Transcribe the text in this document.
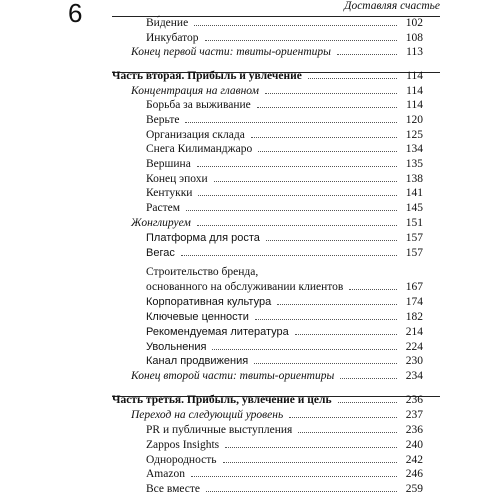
6	Доставляя счастье
Ви́дение	102
Инкубатор	108
Конец первой части: твиты-ориентиры	113
Часть вторая. Прибыль и увлечение	114
Концентрация на главном	114
Борьба за выживание	114
Верьте	120
Организация склада	125
Снега Килиманджаро	134
Вершина	135
Конец эпохи	138
Кентукки	141
Растем	145
Жонглируем	151
Платформа для роста	157
Вегас	157
Строительство бренда,
основанного на обслуживании клиентов	167
Корпоративная культура	174
Ключевые ценности	182
Рекомендуемая литература	214
Увольнения	224
Канал продвижения	230
Конец второй части: твиты-ориентиры	234
Часть третья. Прибыль, увлечение и цель	236
Переход на следующий уровень	237
PR и публичные выступления	236
Zappos Insights	240
Однородность	242
Amazon	246
Все вместе	259
